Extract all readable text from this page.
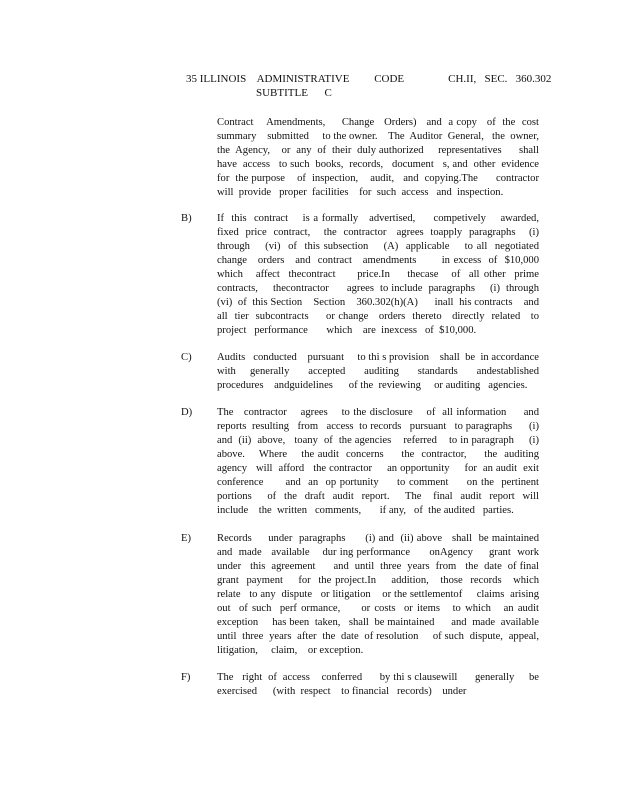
35 ILLINOIS    ADMINISTRATIVE         CODE                CH.II,   SEC.   360.302
SUBTITLE      C
Contract    Amendments,     Change   Orders)   and  a copy   of  the  cost
summary    submitted     to the owner.    The  Auditor  General,   the  owner,
the  Agency,    or  any  of  their  duly authorized     representatives      shall
have  access   to such  books,  records,   document   s, and  other  evidence
for  the purpose    of  inspection,    audit,   and  copying.The      contractor
will  provide   proper  facilities    for  such  access   and  inspection.
B) If  this  contract    is a formally   advertised,     competively    awarded,
fixed  price  contract,    the  contractor   agrees  toapply  paragraphs    (i)
through    (vi)  of  this subsection    (A)  applicable    to all  negotiated
change   orders   and  contract   amendments       in excess  of  $10,000
which   affect  thecontract     price.In    thecase   of  all other  prime
contracts,     thecontractor      agrees  to include  paragraphs     (i)  through
(vi)  of  this Section    Section    360.302(h)(A)      inall  his contracts    and
all  tier  subcontracts     or change   orders  thereto   directly  related   to
project   performance       which    are  inexcess   of  $10,000.
C) Audits   conducted    pursuant     to thi s provision    shall  be  in accordance
with   generally    accepted    auditing    standards    andestablished
procedures    andguidelines      of the  reviewing     or auditing   agencies.
D) The   contractor    agrees    to the disclosure    of  all information     and
reports  resulting   from   access  to records   pursuant   to paragraphs      (i)
and  (ii)  above,   toany  of  the agencies    referred    to in paragraph     (i)
above.    Where    the audit  concerns     the  contractor,     the  auditing
agency   will  afford   the contractor     an opportunity     for  an audit  exit
conference      and  an  op portunity     to comment     on the  pertinent
portions    of  the  draft  audit  report.    The   final  audit  report  will
include    the  written   comments,       if any,   of  the audited   parties.
E) Records     under  paragraphs      (i) and  (ii) above   shall  be maintained
and  made   available    dur ing performance      onAgency     grant  work
under   this  agreement      and  until  three  years  from   the  date  of final
grant  payment    for  the project.In    addition,   those  records   which
relate   to any  dispute   or litigation    or the settlementof     claims  arising
out  of such  perf ormance,     or costs  or items   to which   an audit
exception     has been  taken,   shall  be maintained      and  made  available
until  three  years  after  the  date  of resolution     of such  dispute,  appeal,
litigation,     claim,    or exception.
F)	The   right  of  access    conferred      by thi s clausewill      generally     be
exercised      (with  respect    to financial   records)    under
